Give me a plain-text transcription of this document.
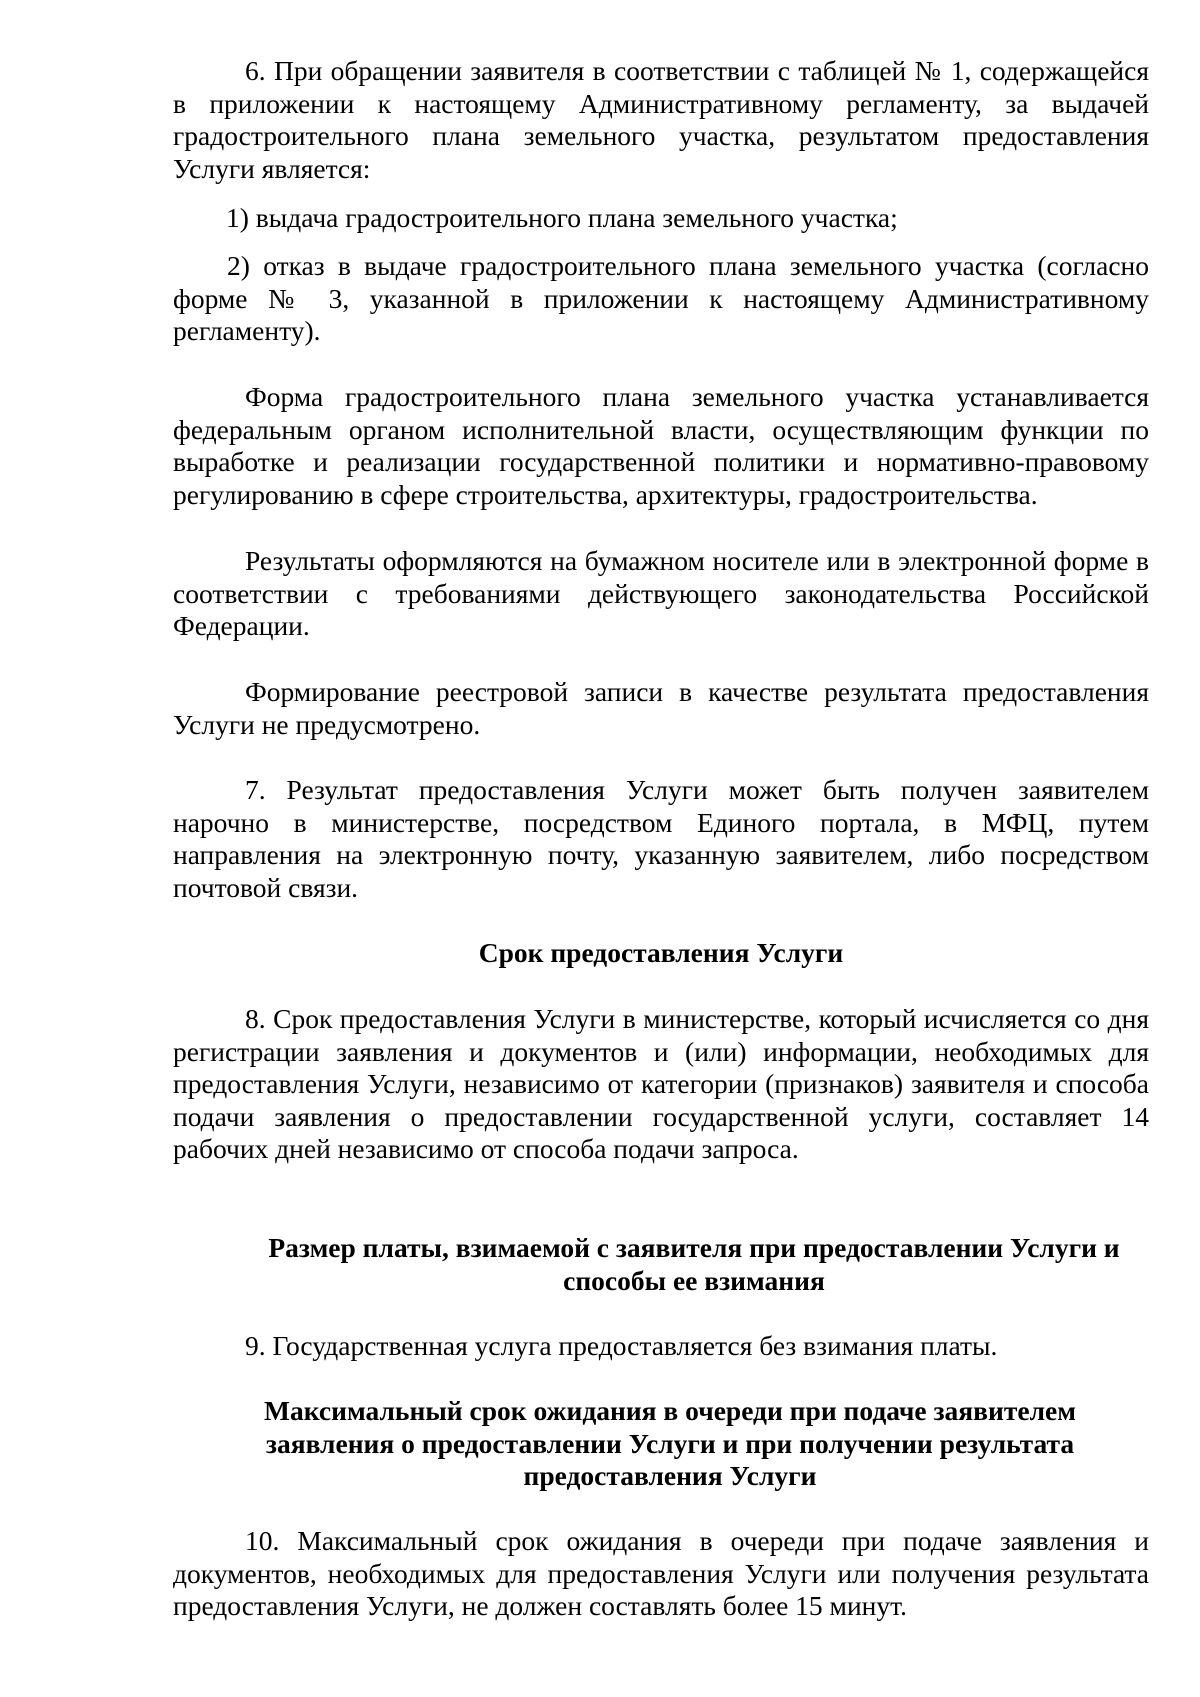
6. При обращении заявителя в соответствии с таблицей № 1, содержащейся в приложении к настоящему Административному регламенту, за выдачей градостроительного плана земельного участка, результатом предоставления Услуги является:

1) выдача градостроительного плана земельного участка;

2) отказ в выдаче градостроительного плана земельного участка (согласно форме № 3, указанной в приложении к настоящему Административному регламенту).

Форма градостроительного плана земельного участка устанавливается федеральным органом исполнительной власти, осуществляющим функции по выработке и реализации государственной политики и нормативно-правовому регулированию в сфере строительства, архитектуры, градостроительства.

Результаты оформляются на бумажном носителе или в электронной форме в соответствии с требованиями действующего законодательства Российской Федерации.

Формирование реестровой записи в качестве результата предоставления Услуги не предусмотрено.

7. Результат предоставления Услуги может быть получен заявителем нарочно в министерстве, посредством Единого портала, в МФЦ, путем направления на электронную почту, указанную заявителем, либо посредством почтовой связи.

Срок предоставления Услуги

8. Срок предоставления Услуги в министерстве, который исчисляется со дня регистрации заявления и документов и (или) информации, необходимых для предоставления Услуги, независимо от категории (признаков) заявителя и способа подачи заявления о предоставлении государственной услуги, составляет 14 рабочих дней независимо от способа подачи запроса.

Размер платы, взимаемой с заявителя при предоставлении Услуги и
способы ее взимания

9. Государственная услуга предоставляется без взимания платы.

Максимальный срок ожидания в очереди при подаче заявителем
заявления о предоставлении Услуги и при получении результата
предоставления Услуги

10. Максимальный срок ожидания в очереди при подаче заявления и документов, необходимых для предоставления Услуги или получения результата предоставления Услуги, не должен составлять более 15 минут.
